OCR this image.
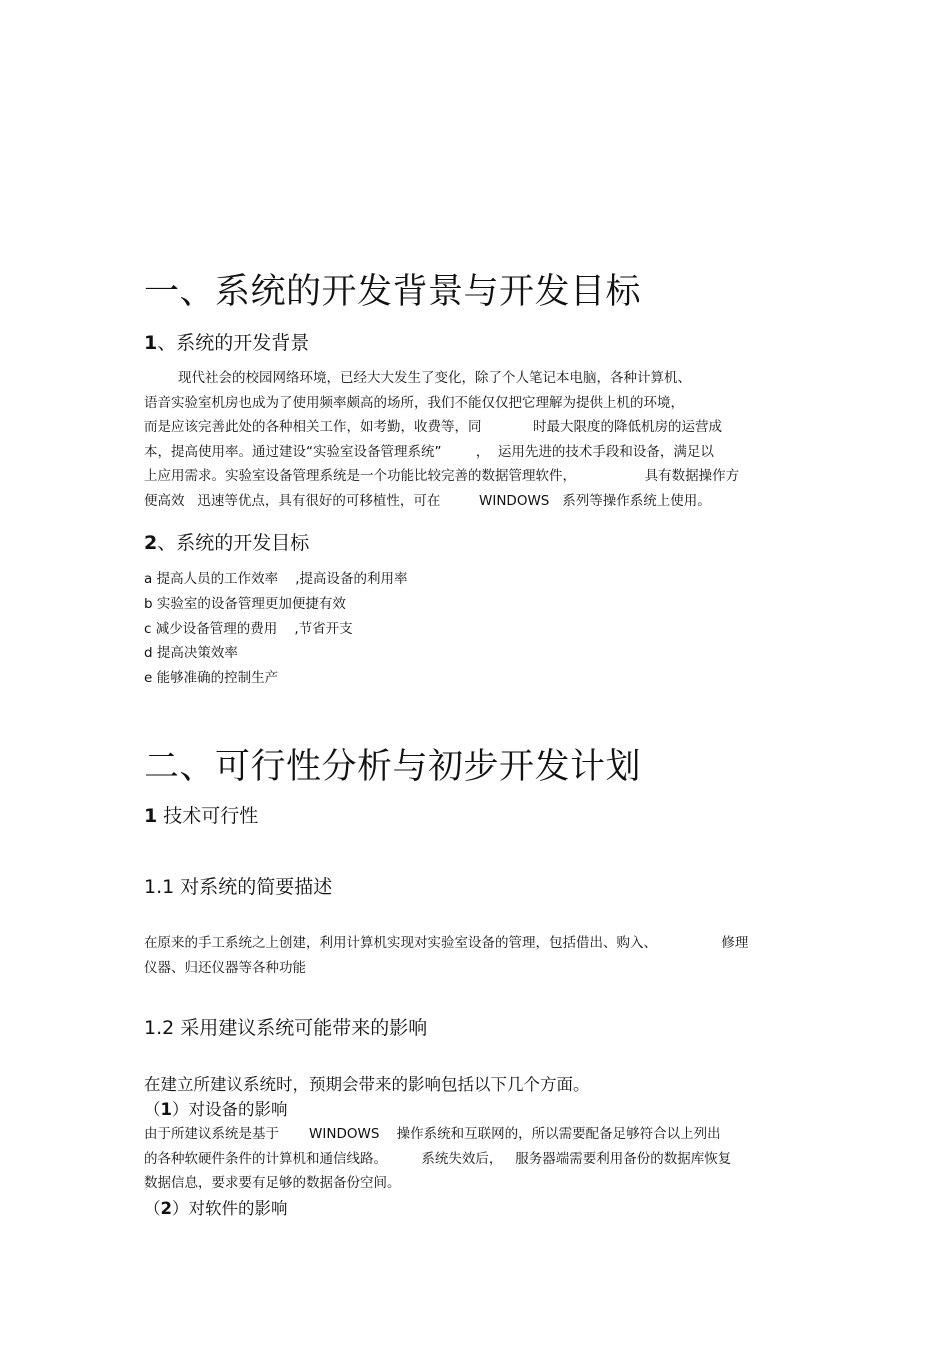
一、系统的开发背景与开发目标
1、系统的开发背景
现代社会的校园网络环境，已经大大发生了变化，除了个人笔记本电脑，各种计算机、
语音实验室机房也成为了使用频率颇高的场所，我们不能仅仅把它理解为提供上机的环境，
而是应该完善此处的各种相关工作，如考勤，收费等，同            时最大限度的降低机房的运营成
本，提高使用率。通过建设“实验室设备管理系统”        ，  运用先进的技术手段和设备，满足以
上应用需求。实验室设备管理系统是一个功能比较完善的数据管理软件，                具有数据操作方
便高效   迅速等优点，具有很好的可移植性，可在         WINDOWS   系列等操作系统上使用。
2、系统的开发目标
a 提高人员的工作效率    ,提高设备的利用率
b 实验室的设备管理更加便捷有效
c 减少设备管理的费用    ,节省开支
d 提高决策效率
e 能够准确的控制生产
二、可行性分析与初步开发计划
1 技术可行性
1.1 对系统的简要描述
在原来的手工系统之上创建，利用计算机实现对实验室设备的管理，包括借出、购入、               修理
仪器、归还仪器等各种功能
1.2 采用建议系统可能带来的影响
在建立所建议系统时，预期会带来的影响包括以下几个方面。
（1）对设备的影响
由于所建议系统是基于       WINDOWS    操作系统和互联网的，所以需要配备足够符合以上列出
的各种软硬件条件的计算机和通信线路。        系统失效后，   服务器端需要利用备份的数据库恢复
数据信息，要求要有足够的数据备份空间。
（2）对软件的影响
